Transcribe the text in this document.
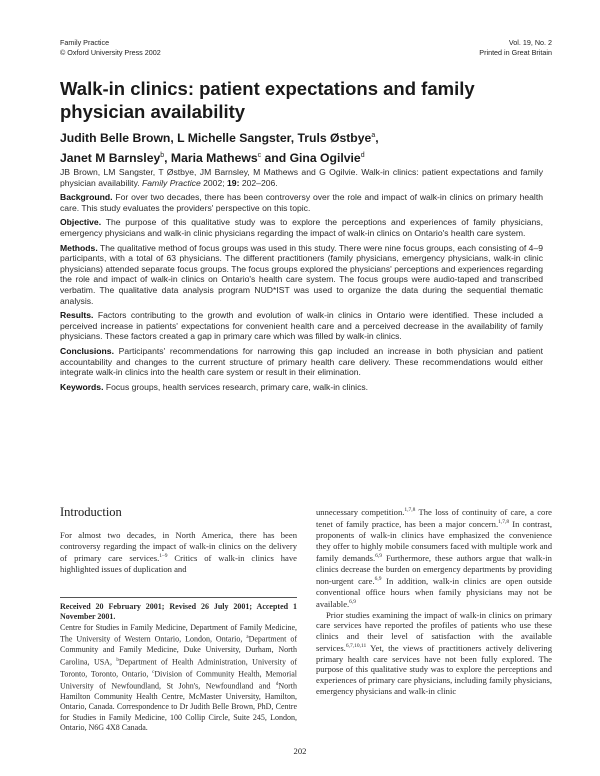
Family Practice
© Oxford University Press 2002
Vol. 19, No. 2
Printed in Great Britain
Walk-in clinics: patient expectations and family physician availability
Judith Belle Brown, L Michelle Sangster, Truls Østbye$^a$,
Janet M Barnsley$^b$, Maria Mathews$^c$ and Gina Ogilvie$^d$

JB Brown, LM Sangster, T Østbye, JM Barnsley, M Mathews and G Ogilvie. Walk-in clinics: patient expectations and family physician availability. Family Practice 2002; 19: 202–206.

Background. For over two decades, there has been controversy over the role and impact of walk-in clinics on primary health care. This study evaluates the providers' perspective on this topic.

Objective. The purpose of this qualitative study was to explore the perceptions and experiences of family physicians, emergency physicians and walk-in clinic physicians regarding the impact of walk-in clinics on Ontario's health care system.

Methods. The qualitative method of focus groups was used in this study. There were nine focus groups, each consisting of 4–9 participants, with a total of 63 physicians. The different practitioners (family physicians, emergency physicians, walk-in clinic physicians) attended separate focus groups. The focus groups explored the physicians' perceptions and experiences regarding the role and impact of walk-in clinics on Ontario's health care system. The focus groups were audio-taped and transcribed verbatim. The qualitative data analysis program NUD*IST was used to organize the data during the sequential thematic analysis.

Results. Factors contributing to the growth and evolution of walk-in clinics in Ontario were identified. These included a perceived increase in patients' expectations for convenient health care and a perceived decrease in the availability of family physicians. These factors created a gap in primary care which was filled by walk-in clinics.

Conclusions. Participants' recommendations for narrowing this gap included an increase in both physician and patient accountability and changes to the current structure of primary health care delivery. These recommendations would either integrate walk-in clinics into the health care system or result in their elimination.

Keywords. Focus groups, health services research, primary care, walk-in clinics.

Introduction

For almost two decades, in North America, there has been controversy regarding the impact of walk-in clinics on the delivery of primary care services.$^{1-9}$ Critics of walk-in clinics have highlighted issues of duplication and

Received 20 February 2001; Revised 26 July 2001; Accepted 1 November 2001.
Centre for Studies in Family Medicine, Department of Family Medicine, The University of Western Ontario, London, Ontario, $^a$Department of Community and Family Medicine, Duke University, Durham, North Carolina, USA, $^b$Department of Health Administration, University of Toronto, Toronto, Ontario, $^c$Division of Community Health, Memorial University of Newfoundland, St John's, Newfoundland and $^d$North Hamilton Community Health Centre, McMaster University, Hamilton, Ontario, Canada. Correspondence to Dr Judith Belle Brown, PhD, Centre for Studies in Family Medicine, 100 Collip Circle, Suite 245, London, Ontario, N6G 4X8 Canada.

unnecessary competition.$^{1,7,8}$ The loss of continuity of care, a core tenet of family practice, has been a major concern.$^{1,7,8}$ In contrast, proponents of walk-in clinics have emphasized the convenience they offer to highly mobile consumers faced with multiple work and family demands.$^{6,9}$ Furthermore, these authors argue that walk-in clinics decrease the burden on emergency departments by providing non-urgent care.$^{6,9}$ In addition, walk-in clinics are open outside conventional office hours when family physicians may not be available.$^{6,9}$

Prior studies examining the impact of walk-in clinics on primary care services have reported the profiles of patients who use these clinics and their level of satisfaction with the available services.$^{6,7,10,11}$ Yet, the views of practitioners actively delivering primary health care services have not been fully explored. The purpose of this qualitative study was to explore the perceptions and experiences of primary care physicians, including family physicians, emergency physicians and walk-in clinic

202
